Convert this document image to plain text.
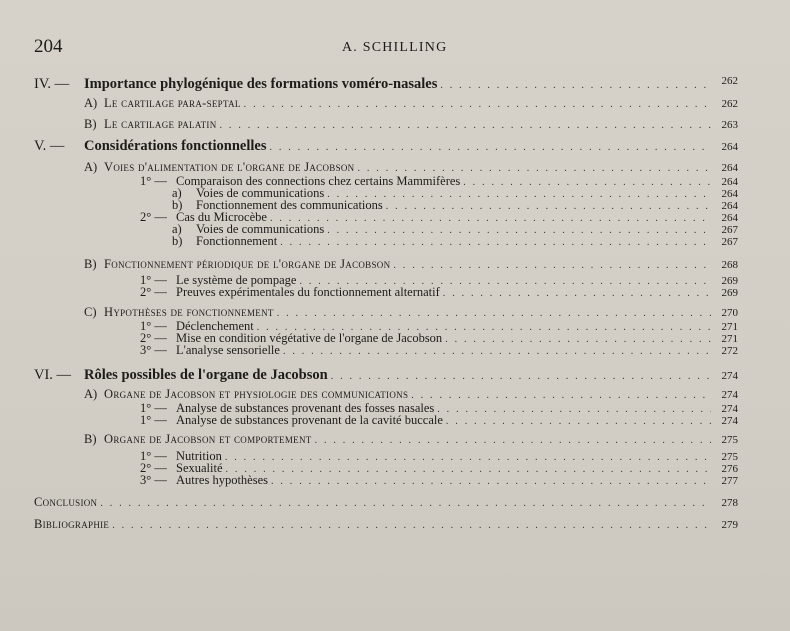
204	A. SCHILLING
IV. —	Importance phylogénique des formations voméro-nasales . . .	262
A) Le cartilage para-septal . . .	262
B) Le cartilage palatin . . .	263
V. —	Considérations fonctionnelles . . .	264
A) Voies d'alimentation de l'organe de Jacobson . . .	264
1° — Comparaison des connections chez certains Mammifères . . .	264
a)	Voies de communications . . .	264
b)	Fonctionnement des communications . . .	264
2° — Cas du Microcèbe . . .	264
a)	Voies de communications . . .	267
b)	Fonctionnement . . .	267
B) Fonctionnement périodique de l'organe de Jacobson . . .	268
1° — Le système de pompage . . .	269
2° — Preuves expérimentales du fonctionnement alternatif . . .	269
C) Hypothèses de fonctionnement . . .	270
1° — Déclenchement . . .	271
2° — Mise en condition végétative de l'organe de Jacobson . . .	271
3° — L'analyse sensorielle . . .	272
VI. — Rôles possibles de l'organe de Jacobson . . .	274
A) Organe de Jacobson et physiologie des communications . . .	274
1° — Analyse de substances provenant des fosses nasales . . .	274
1° — Analyse de substances provenant de la cavité buccale . . .	274
B) Organe de Jacobson et comportement . . .	275
1° — Nutrition . . .	275
2° — Sexualité . . .	276
3° — Autres hypothèses . . .	277
Conclusion . . .	278
Bibliographie . . .	279
